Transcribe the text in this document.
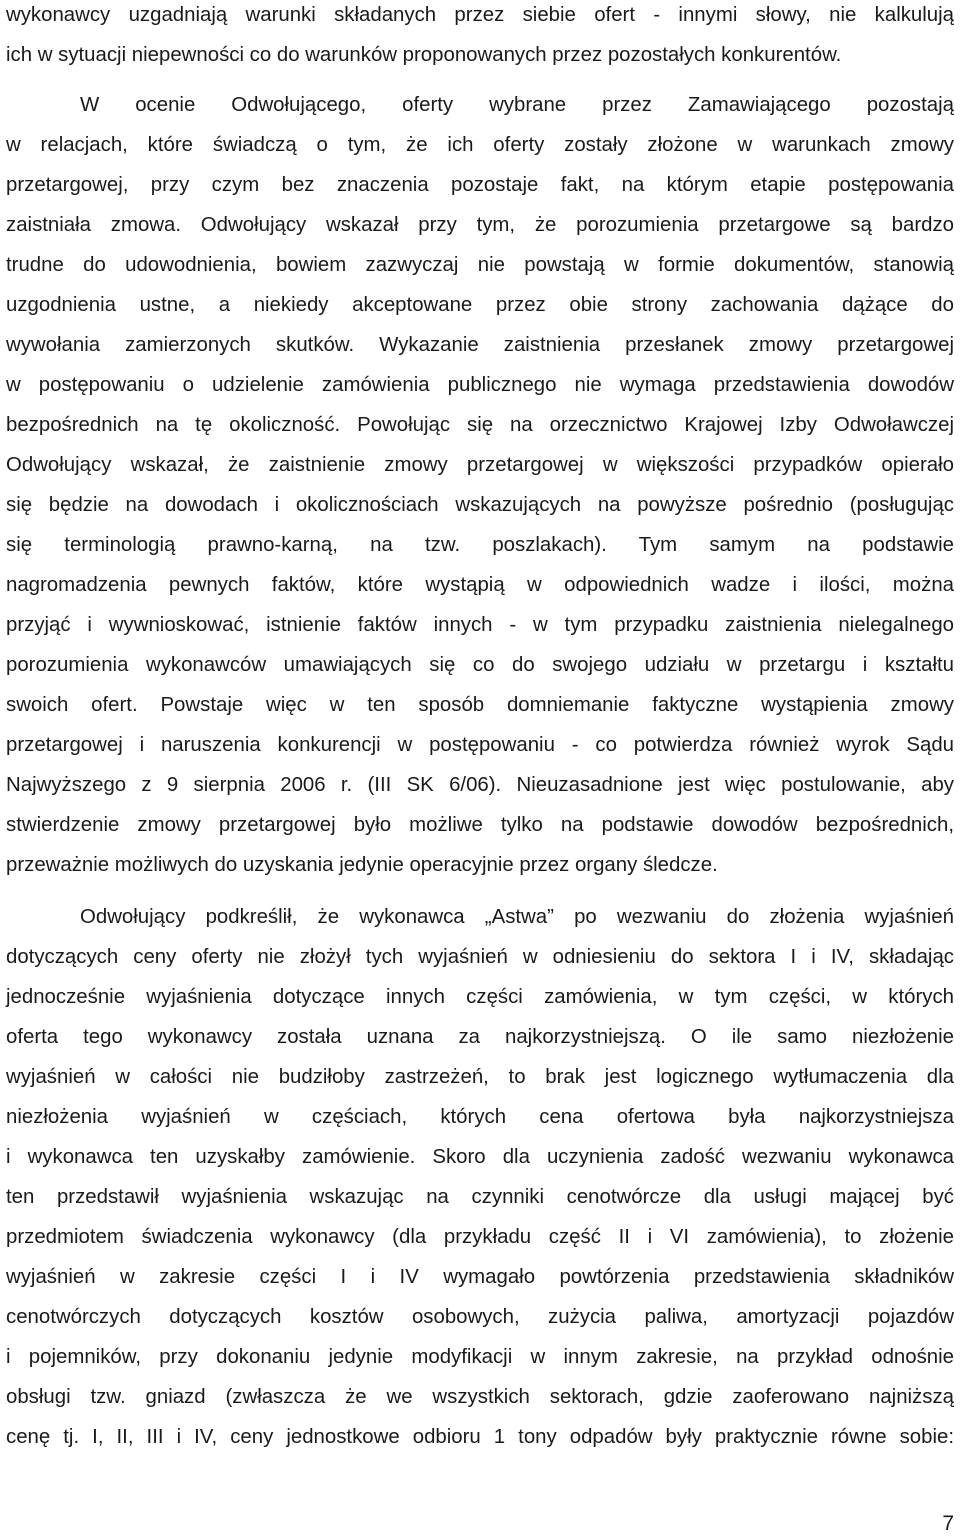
wykonawcy uzgadniają warunki składanych przez siebie ofert - innymi słowy, nie kalkulują
ich w sytuacji niepewności co do warunków proponowanych przez pozostałych konkurentów.
W ocenie Odwołującego, oferty wybrane przez Zamawiającego pozostają
w relacjach, które świadczą o tym, że ich oferty zostały złożone w warunkach zmowy
przetargowej, przy czym bez znaczenia pozostaje fakt, na którym etapie postępowania
zaistniała zmowa. Odwołujący wskazał przy tym, że porozumienia przetargowe są bardzo
trudne do udowodnienia, bowiem zazwyczaj nie powstają w formie dokumentów, stanowią
uzgodnienia ustne, a niekiedy akceptowane przez obie strony zachowania dążące do
wywołania zamierzonych skutków. Wykazanie zaistnienia przesłanek zmowy przetargowej
w postępowaniu o udzielenie zamówienia publicznego nie wymaga przedstawienia dowodów
bezpośrednich na tę okoliczność. Powołując się na orzecznictwo Krajowej Izby Odwoławczej
Odwołujący wskazał, że zaistnienie zmowy przetargowej w większości przypadków opierało
się będzie na dowodach i okolicznościach wskazujących na powyższe pośrednio (posługując
się terminologią prawno-karną, na tzw. poszlakach). Tym samym na podstawie
nagromadzenia pewnych faktów, które wystąpią w odpowiednich wadze i ilości, można
przyjąć i wywnioskować, istnienie faktów innych - w tym przypadku zaistnienia nielegalnego
porozumienia wykonawców umawiających się co do swojego udziału w przetargu i kształtu
swoich ofert. Powstaje więc w ten sposób domniemanie faktyczne wystąpienia zmowy
przetargowej i naruszenia konkurencji w postępowaniu - co potwierdza również wyrok Sądu
Najwyższego z 9 sierpnia 2006 r. (III SK 6/06). Nieuzasadnione jest więc postulowanie, aby
stwierdzenie zmowy przetargowej było możliwe tylko na podstawie dowodów bezpośrednich,
przeważnie możliwych do uzyskania jedynie operacyjnie przez organy śledcze.
Odwołujący podkreślił, że wykonawca „Astwa” po wezwaniu do złożenia wyjaśnień
dotyczących ceny oferty nie złożył tych wyjaśnień w odniesieniu do sektora I i IV, składając
jednocześnie wyjaśnienia dotyczące innych części zamówienia, w tym części, w których
oferta tego wykonawcy została uznana za najkorzystniejszą. O ile samo niezłożenie
wyjaśnień w całości nie budziłoby zastrzeżeń, to brak jest logicznego wytłumaczenia dla
niezłożenia wyjaśnień w częściach, których cena ofertowa była najkorzystniejsza
i wykonawca ten uzyskałby zamówienie. Skoro dla uczynienia zadość wezwaniu wykonawca
ten przedstawił wyjaśnienia wskazując na czynniki cenotwórcze dla usługi mającej być
przedmiotem świadczenia wykonawcy (dla przykładu część II i VI zamówienia), to złożenie
wyjaśnień w zakresie części I i IV wymagało powtórzenia przedstawienia składników
cenotwórczych dotyczących kosztów osobowych, zużycia paliwa, amortyzacji pojazdów
i pojemników, przy dokonaniu jedynie modyfikacji w innym zakresie, na przykład odnośnie
obsługi tzw. gniazd (zwłaszcza że we wszystkich sektorach, gdzie zaoferowano najniższą
cenę tj. I, II, III i IV, ceny jednostkowe odbioru 1 tony odpadów były praktycznie równe sobie:
7
